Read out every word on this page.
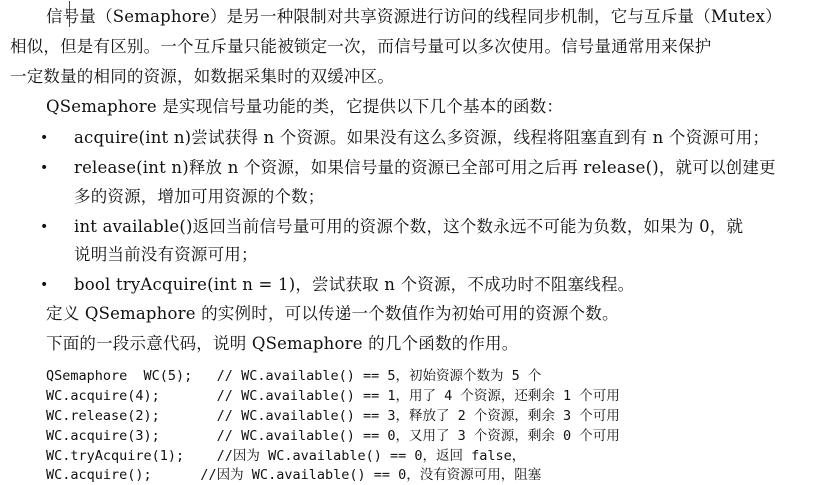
信号量（Semaphore）是另一种限制对共享资源进行访问的线程同步机制，它与互斥量（Mutex）
相似，但是有区别。一个互斥量只能被锁定一次，而信号量可以多次使用。信号量通常用来保护
一定数量的相同的资源，如数据采集时的双缓冲区。
QSemaphore 是实现信号量功能的类，它提供以下几个基本的函数：
• acquire(int n)尝试获得 n 个资源。如果没有这么多资源，线程将阻塞直到有 n 个资源可用；
• release(int n)释放 n 个资源，如果信号量的资源已全部可用之后再 release()，就可以创建更
多的资源，增加可用资源的个数；
• int available()返回当前信号量可用的资源个数，这个数永远不可能为负数，如果为 0，就
说明当前没有资源可用；
• bool tryAcquire(int n = 1)，尝试获取 n 个资源，不成功时不阻塞线程。
定义 QSemaphore 的实例时，可以传递一个数值作为初始可用的资源个数。
下面的一段示意代码，说明 QSemaphore 的几个函数的作用。
QSemaphore  WC(5);   // WC.available() == 5，初始资源个数为 5 个
WC.acquire(4);       // WC.available() == 1，用了 4 个资源，还剩余 1 个可用
WC.release(2);       // WC.available() == 3，释放了 2 个资源，剩余 3 个可用
WC.acquire(3);       // WC.available() == 0，又用了 3 个资源，剩余 0 个可用
WC.tryAcquire(1);    //因为 WC.available() == 0，返回 false，
WC.acquire();      //因为 WC.available() == 0，没有资源可用，阻塞
